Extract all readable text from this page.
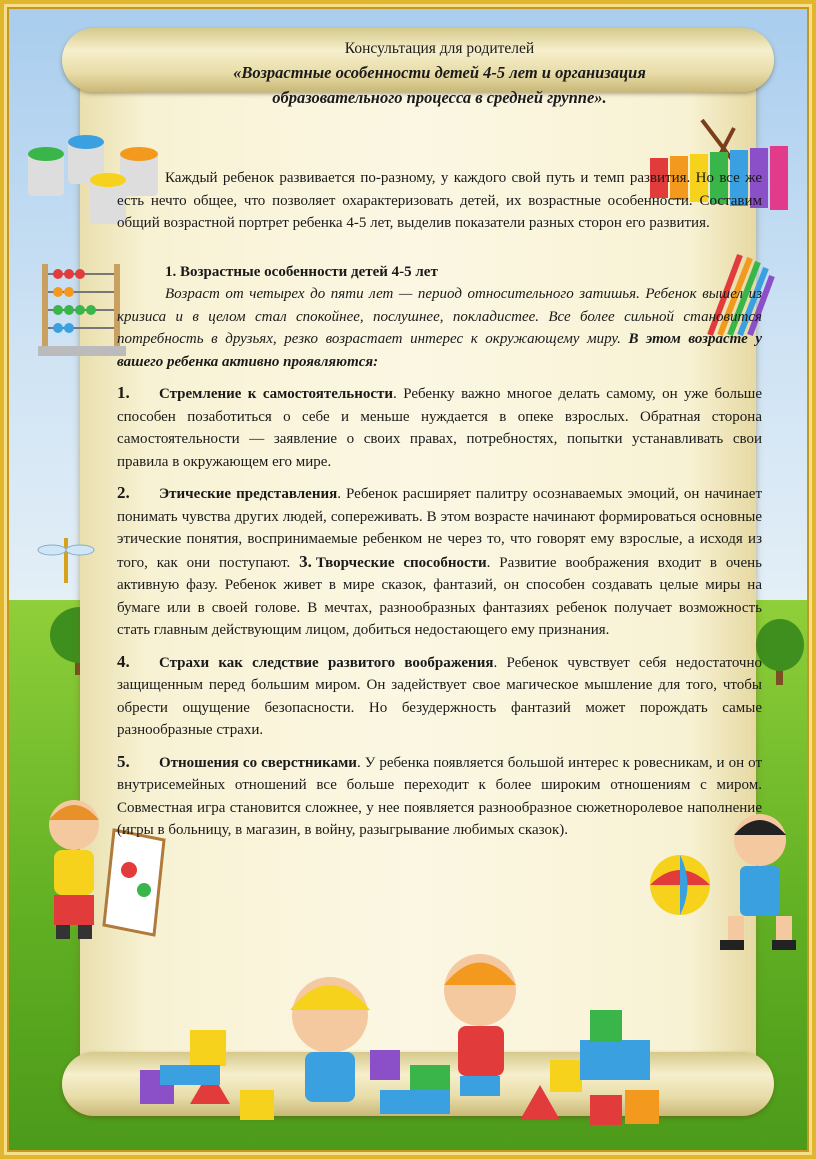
Консультация для родителей

«Возрастные особенности детей 4-5 лет и организация

образовательного процесса в средней группе».

Каждый ребенок развивается по-разному, у каждого свой путь и темп развития. Но все же есть нечто общее, что позволяет охарактеризовать детей, их возрастные особенности. Составим общий возрастной портрет ребенка 4-5 лет, выделив показатели разных сторон его развития.

1. Возрастные особенности детей 4-5 лет

Возраст от четырех до пяти лет — период относительного затишья. Ребенок вышел из кризиса и в целом стал спокойнее, послушнее, покладистее. Все более сильной становится потребность в друзьях, резко возрастает интерес к окружающему миру. В этом возрасте у вашего ребенка активно проявляются:

1. Стремление к самостоятельности. Ребенку важно многое делать самому, он уже больше способен позаботиться о себе и меньше нуждается в опеке взрослых. Обратная сторона самостоятельности — заявление о своих правах, потребностях, попытки устанавливать свои правила в окружающем его мире.

2. Этические представления. Ребенок расширяет палитру осознаваемых эмоций, он начинает понимать чувства других людей, сопереживать. В этом возрасте начинают формироваться основные этические понятия, воспринимаемые ребенком не через то, что говорят ему взрослые, а исходя из того, как они поступают. 3. Творческие способности. Развитие воображения входит в очень активную фазу. Ребенок живет в мире сказок, фантазий, он способен создавать целые миры на бумаге или в своей голове. В мечтах, разнообразных фантазиях ребенок получает возможность стать главным действующим лицом, добиться недостающего ему признания.

4. Страхи как следствие развитого воображения. Ребенок чувствует себя недостаточно защищенным перед большим миром. Он задействует свое магическое мышление для того, чтобы обрести ощущение безопасности. Но безудержность фантазий может порождать самые разнообразные страхи.

5. Отношения со сверстниками. У ребенка появляется большой интерес к ровесникам, и он от внутрисемейных отношений все больше переходит к более широким отношениям с миром. Совместная игра становится сложнее, у нее появляется разнообразное сюжетноролевое наполнение (игры в больницу, в магазин, в войну, разыгрывание любимых сказок).
